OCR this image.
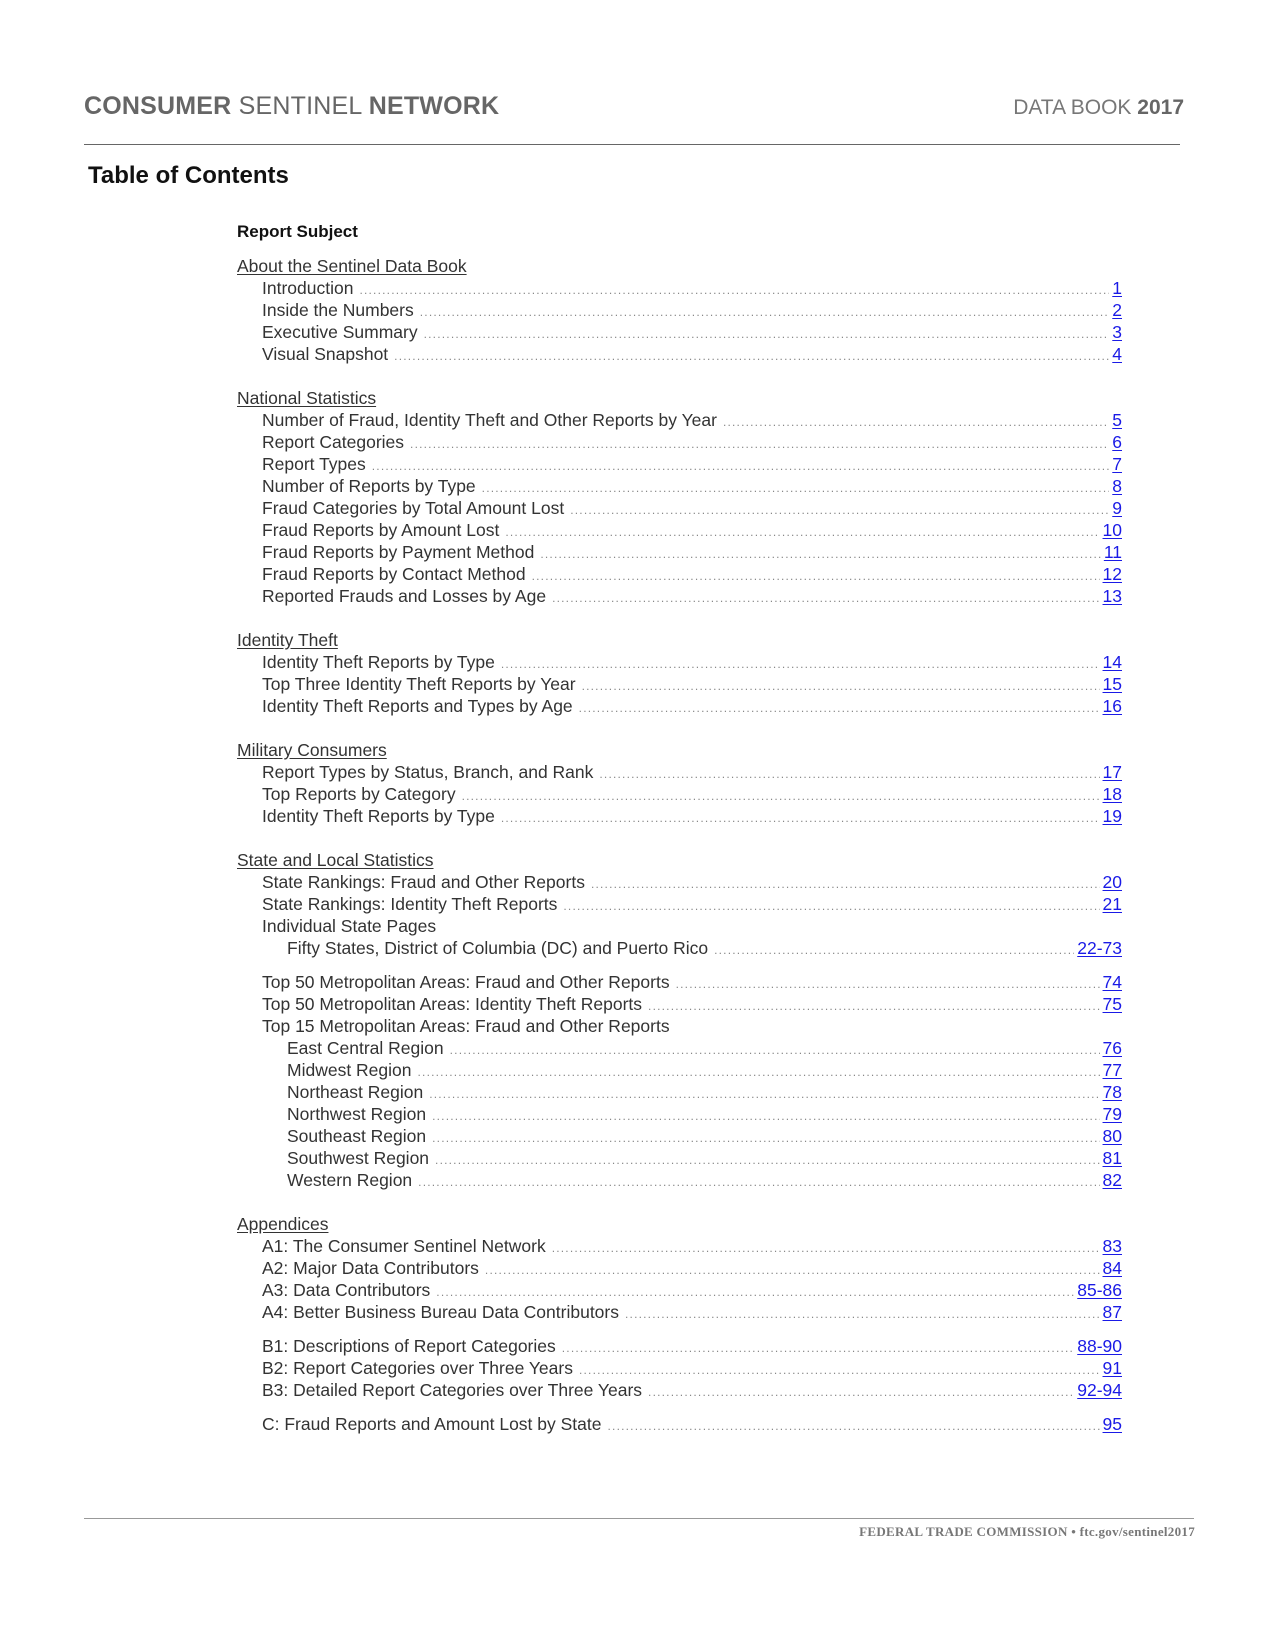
CONSUMER SENTINEL NETWORK	DATA BOOK 2017
Table of Contents
Report Subject
About the Sentinel Data Book
Introduction .....	1
Inside the Numbers .....	2
Executive Summary .....	3
Visual Snapshot .....	4
National Statistics
Number of Fraud, Identity Theft and Other Reports by Year .....	5
Report Categories .....	6
Report Types .....	7
Number of Reports by Type .....	8
Fraud Categories by Total Amount Lost .....	9
Fraud Reports by Amount Lost .....	10
Fraud Reports by Payment Method .....	11
Fraud Reports by Contact Method .....	12
Reported Frauds and Losses by Age .....	13
Identity Theft
Identity Theft Reports by Type .....	14
Top Three Identity Theft Reports by Year .....	15
Identity Theft Reports and Types by Age .....	16
Military Consumers
Report Types by Status, Branch, and Rank .....	17
Top Reports by Category .....	18
Identity Theft Reports by Type .....	19
State and Local Statistics
State Rankings: Fraud and Other Reports .....	20
State Rankings: Identity Theft Reports .....	21
Individual State Pages
Fifty States, District of Columbia (DC) and Puerto Rico .....	22-73
Top 50 Metropolitan Areas: Fraud and Other Reports .....	74
Top 50 Metropolitan Areas: Identity Theft Reports .....	75
Top 15 Metropolitan Areas: Fraud and Other Reports
East Central Region .....	76
Midwest Region .....	77
Northeast Region .....	78
Northwest Region .....	79
Southeast Region .....	80
Southwest Region .....	81
Western Region .....	82
Appendices
A1: The Consumer Sentinel Network .....	83
A2: Major Data Contributors .....	84
A3: Data Contributors .....	85-86
A4: Better Business Bureau Data Contributors .....	87
B1: Descriptions of Report Categories .....	88-90
B2: Report Categories over Three Years .....	91
B3: Detailed Report Categories over Three Years .....	92-94
C: Fraud Reports and Amount Lost by State .....	95
FEDERAL TRADE COMMISSION • ftc.gov/sentinel2017
